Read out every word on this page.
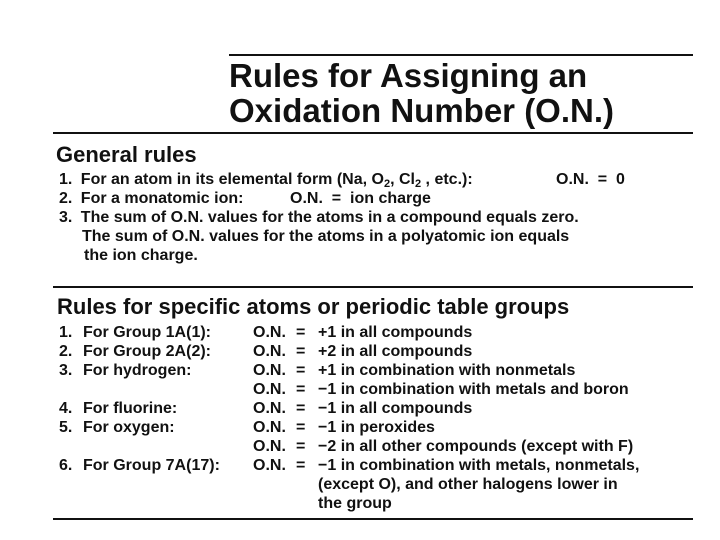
Rules for Assigning an
Oxidation Number (O.N.)
General rules
1. For an atom in its elemental form (Na, $O_2$, $Cl_2$ , etc.):	O.N.  =  0
2. For a monatomic ion:	O.N.  =  ion charge
3. The sum of O.N. values for the atoms in a compound equals zero.
The sum of O.N. values for the atoms in a polyatomic ion equals
the ion charge.
Rules for specific atoms or periodic table groups
1. For Group 1A(1):	O.N. = +1 in all compounds
2. For Group 2A(2):	O.N. = +2 in all compounds
3. For hydrogen:	O.N. = +1 in combination with nonmetals
O.N. = −1 in combination with metals and boron
4. For fluorine:	O.N. = −1 in all compounds
5. For oxygen:	O.N. = −1 in peroxides
O.N. = −2 in all other compounds (except with F)
6. For Group 7A(17): O.N. = −1 in combination with metals, nonmetals,
(except O), and other halogens lower in
the group
